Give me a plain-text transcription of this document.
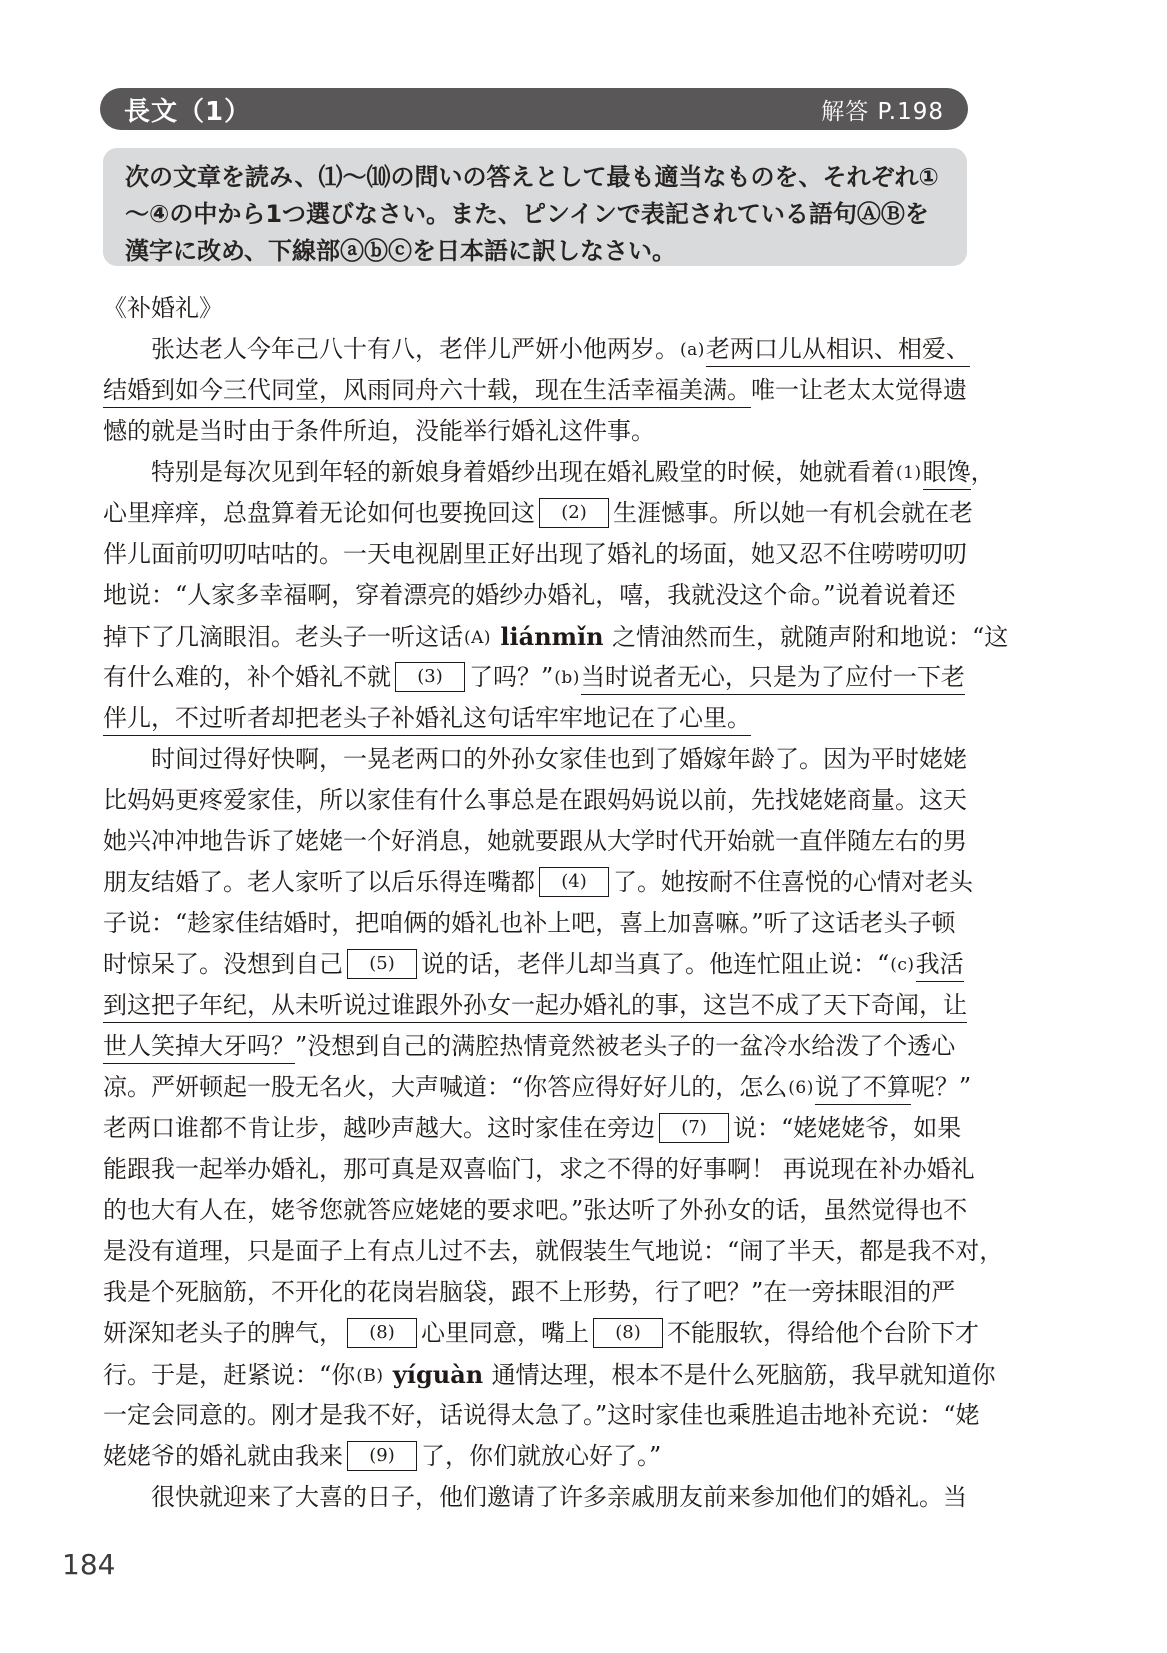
長文（1）	解答 P.198
次の文章を読み、⑴～⑽の問いの答えとして最も適当なものを、それぞれ①
～④の中から1つ選びなさい。また、ピンインで表記されている語句ⒶⒷを
漢字に改め、下線部ⓐⓑⓒを日本語に訳しなさい。
《补婚礼》
　　张达老人今年己八十有八，老伴儿严妍小他两岁。(a)老两口儿从相识、相爱、
结婚到如今三代同堂，风雨同舟六十载，现在生活幸福美满。唯一让老太太觉得遗
憾的就是当时由于条件所迫，没能举行婚礼这件事。
　　特别是每次见到年轻的新娘身着婚纱出现在婚礼殿堂的时候，她就看着(1)眼馋，
心里痒痒，总盘算着无论如何也要挽回这 (2) 生涯憾事。所以她一有机会就在老
伴儿面前叨叨咕咕的。一天电视剧里正好出现了婚礼的场面，她又忍不住唠唠叨叨
地说：“人家多幸福啊，穿着漂亮的婚纱办婚礼，嘻，我就没这个命。”说着说着还
掉下了几滴眼泪。老头子一听这话(A) liánmǐn 之情油然而生，就随声附和地说：“这
有什么难的，补个婚礼不就 (3) 了吗？”(b)当时说者无心，只是为了应付一下老
伴儿，不过听者却把老头子补婚礼这句话牢牢地记在了心里。
　　时间过得好快啊，一晃老两口的外孙女家佳也到了婚嫁年龄了。因为平时姥姥
比妈妈更疼爱家佳，所以家佳有什么事总是在跟妈妈说以前，先找姥姥商量。这天
她兴冲冲地告诉了姥姥一个好消息，她就要跟从大学时代开始就一直伴随左右的男
朋友结婚了。老人家听了以后乐得连嘴都 (4) 了。她按耐不住喜悦的心情对老头
子说：“趁家佳结婚时，把咱俩的婚礼也补上吧，喜上加喜嘛。”听了这话老头子顿
时惊呆了。没想到自己 (5) 说的话，老伴儿却当真了。他连忙阻止说：“(c)我活
到这把子年纪，从未听说过谁跟外孙女一起办婚礼的事，这岂不成了天下奇闻，让
世人笑掉大牙吗？”没想到自己的满腔热情竟然被老头子的一盆冷水给泼了个透心
凉。严妍顿起一股无名火，大声喊道：“你答应得好好儿的，怎么(6)说了不算呢？”
老两口谁都不肯让步，越吵声越大。这时家佳在旁边 (7) 说：“姥姥姥爷，如果
能跟我一起举办婚礼，那可真是双喜临门，求之不得的好事啊！ 再说现在补办婚礼
的也大有人在，姥爷您就答应姥姥的要求吧。”张达听了外孙女的话，虽然觉得也不
是没有道理，只是面子上有点儿过不去，就假装生气地说：“闹了半天，都是我不对，
我是个死脑筋，不开化的花岗岩脑袋，跟不上形势，行了吧？”在一旁抹眼泪的严
妍深知老头子的脾气， (8) 心里同意，嘴上 (8) 不能服软，得给他个台阶下才
行。于是，赶紧说：“你(B) yíguàn 通情达理，根本不是什么死脑筋，我早就知道你
一定会同意的。刚才是我不好，话说得太急了。”这时家佳也乘胜追击地补充说：“姥
姥姥爷的婚礼就由我来 (9) 了，你们就放心好了。”
　　很快就迎来了大喜的日子，他们邀请了许多亲戚朋友前来参加他们的婚礼。当
184
